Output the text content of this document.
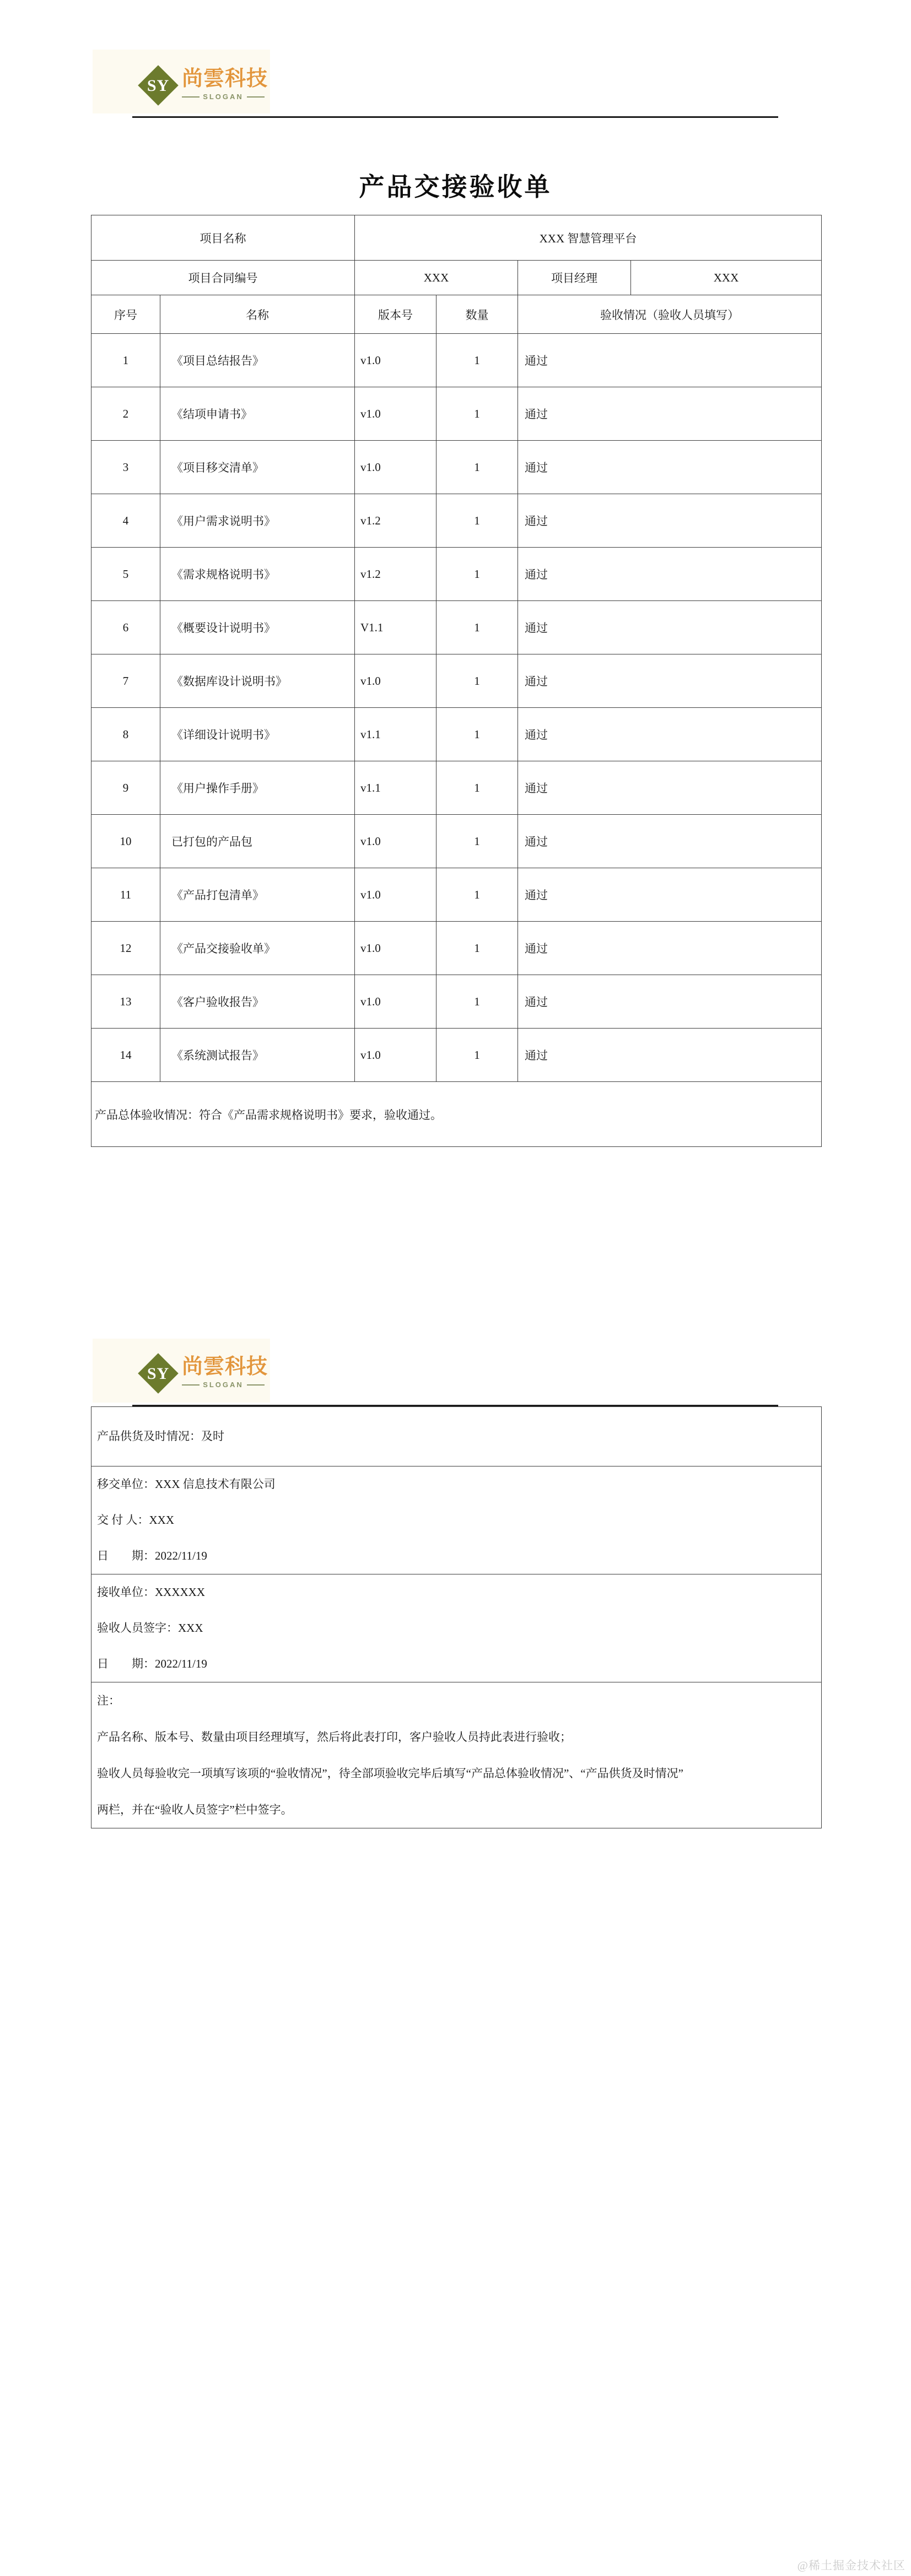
SY 尚雲科技
SLOGAN
产品交接验收单
项目名称		XXX 智慧管理平台			
项目合同编号		XXX		项目经理	XXX
序号	名称	版本号	数量	验收情况（验收人员填写）	
1	《项目总结报告》	v1.0	1	通过	
2	《结项申请书》	v1.0	1	通过	
3	《项目移交清单》	v1.0	1	通过	
4	《用户需求说明书》	v1.2	1	通过	
5	《需求规格说明书》	v1.2	1	通过	
6	《概要设计说明书》	V1.1	1	通过	
7	《数据库设计说明书》	v1.0	1	通过	
8	《详细设计说明书》	v1.1	1	通过	
9	《用户操作手册》	v1.1	1	通过	
10	已打包的产品包	v1.0	1	通过	
11	《产品打包清单》	v1.0	1	通过	
12	《产品交接验收单》	v1.0	1	通过	
13	《客户验收报告》	v1.0	1	通过	
14	《系统测试报告》	v1.0	1	通过	
产品总体验收情况：符合《产品需求规格说明书》要求，验收通过。					
SY 尚雲科技
SLOGAN
产品供货及时情况：及时

移交单位：XXX 信息技术有限公司
交 付 人：XXX
日　　期：2022/11/19

接收单位：XXXXXX
验收人员签字：XXX
日　　期：2022/11/19

注：
产品名称、版本号、数量由项目经理填写，然后将此表打印，客户验收人员持此表进行验收；
验收人员每验收完一项填写该项的“验收情况”，待全部项验收完毕后填写“产品总体验收情况”、“产品供货及时情况”
两栏，并在“验收人员签字”栏中签字。
@稀土掘金技术社区
